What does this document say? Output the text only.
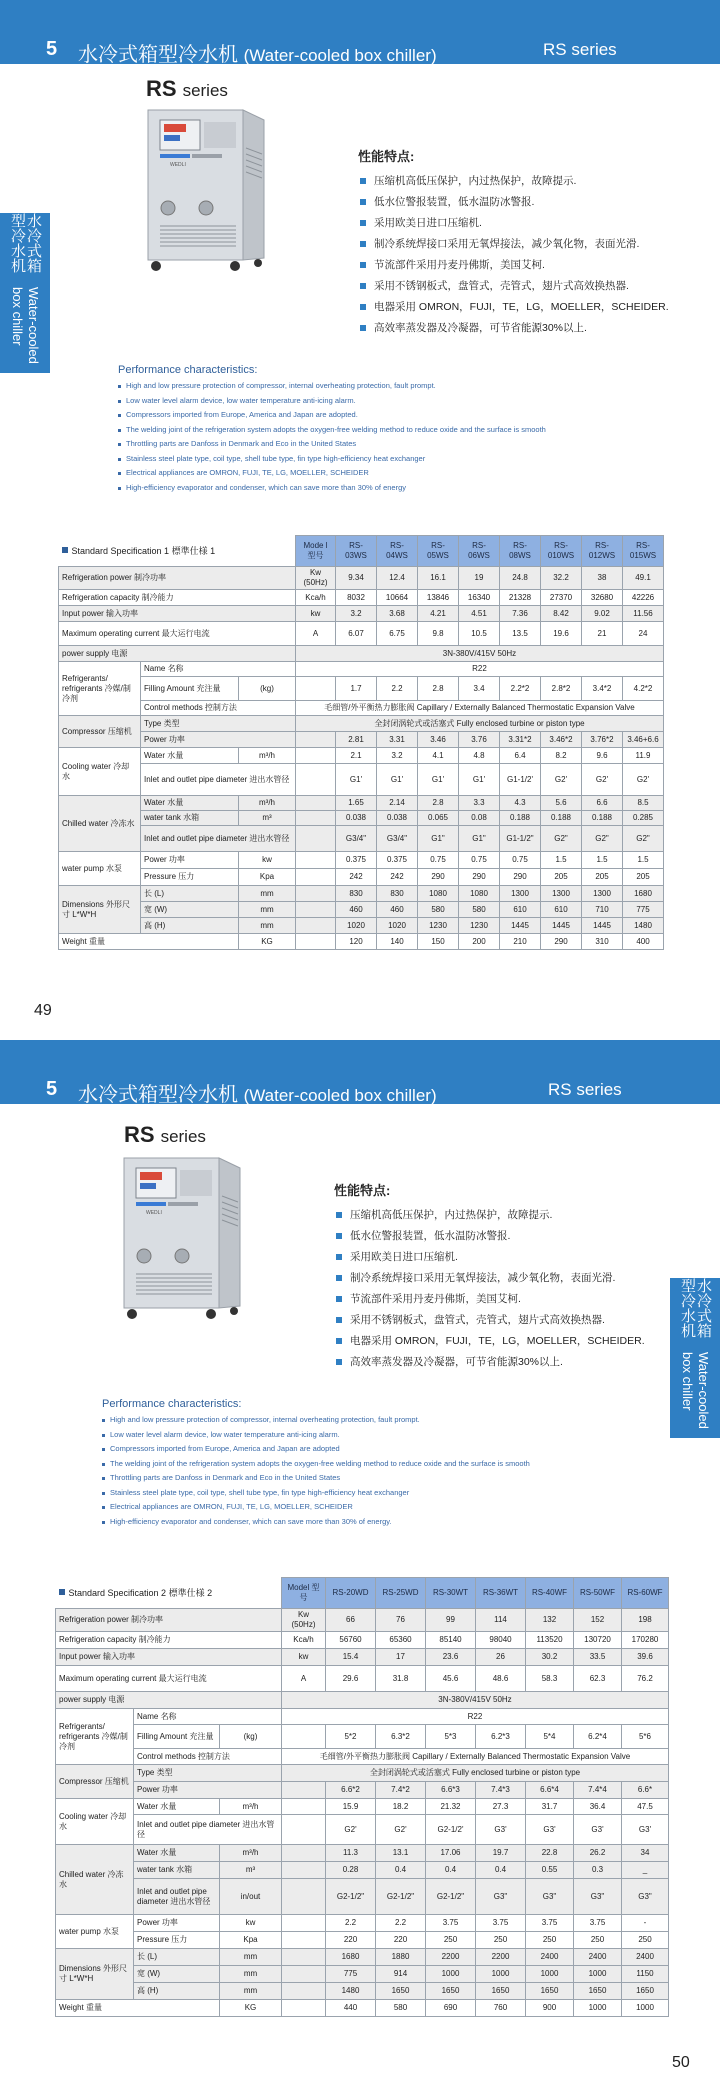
5 水冷式箱型冷水机 (Water-cooled box chiller)	RS series
RS series
水冷式箱型冷水机
Water-cooled box chiller
WEDLI
性能特点:
压缩机高低压保护，内过热保护，故障提示.
低水位警报装置，低水温防冰警报.
采用欧美日进口压缩机.
制冷系统焊接口采用无氧焊接法，减少氧化物，表面光滑.
节流部件采用丹麦丹佛斯，美国艾柯.
采用不锈钢板式，盘管式，壳管式，翅片式高效换热器.
电器采用 OMRON，FUJI，TE，LG，MOELLER，SCHEIDER.
高效率蒸发器及冷凝器，可节省能源30%以上.
Performance characteristics:
High and low pressure protection of compressor, internal overheating protection, fault prompt.
Low water level alarm device, low water temperature anti-icing alarm.
Compressors imported from Europe, America and Japan are adopted.
The welding joint of the refrigeration system adopts the oxygen-free welding method to reduce oxide and the surface is smooth
Throttling parts are Danfoss in Denmark and Eco in the United States
Stainless steel plate type, coil type, shell tube type, fin type high-efficiency heat exchanger
Electrical appliances are OMRON, FUJI, TE, LG, MOELLER, SCHEIDER
High-efficiency evaporator and condenser, which can save more than 30% of energy
Standard Specification 1 標準仕様 1			Mode l 型号	RS-03WS	RS-04WS	RS-05WS	RS-06WS	RS-08WS	RS-010WS	RS-012WS	RS-015WS
Refrigeration power 制冷功率			Kw (50Hz)	9.34	12.4	16.1	19	24.8	32.2	38	49.1
Refrigeration capacity 制冷能力			Kca/h	8032	10664	13846	16340	21328	27370	32680	42226
Input power 输入功率			kw	3.2	3.68	4.21	4.51	7.36	8.42	9.02	11.56
Maximum operating current 最大运行电流			A	6.07	6.75	9.8	10.5	13.5	19.6	21	24
power supply 电源			3N-380V/415V 50Hz								
Refrigerants/ refrigerants 冷媒/制冷剂	Name 名称		R22								
	Filling Amount 充注量	(kg)		1.7	2.2	2.8	3.4	2.2*2	2.8*2	3.4*2	4.2*2
	Control methods 控制方法		毛细管/外平衡热力膨胀阀 Capillary / Externally Balanced Thermostatic Expansion Valve								
Compressor 压缩机	Type 类型		全封闭涡轮式或活塞式 Fully enclosed turbine or piston type								
	Power 功率			2.81	3.31	3.46	3.76	3.31*2	3.46*2	3.76*2	3.46+6.6
Cooling water 冷却水	Water 水量	m³/h		2.1	3.2	4.1	4.8	6.4	8.2	9.6	11.9
	Inlet and outlet pipe diameter 进出水管径			G1'	G1'	G1'	G1'	G1-1/2'	G2'	G2'	G2'
Chilled water 冷冻水	Water 水量	m³/h		1.65	2.14	2.8	3.3	4.3	5.6	6.6	8.5
	water tank 水箱	m³		0.038	0.038	0.065	0.08	0.188	0.188	0.188	0.285
	Inlet and outlet pipe diameter 进出水管径			G3/4"	G3/4"	G1"	G1"	G1-1/2"	G2"	G2"	G2"
water pump 水泵	Power 功率	kw		0.375	0.375	0.75	0.75	0.75	1.5	1.5	1.5
	Pressure 压力	Kpa		242	242	290	290	290	205	205	205
Dimensions 外形尺寸 L*W*H	长 (L)	mm		830	830	1080	1080	1300	1300	1300	1680
	宽 (W)	mm		460	460	580	580	610	610	710	775
	高 (H)	mm		1020	1020	1230	1230	1445	1445	1445	1480
Weight 重量		KG		120	140	150	200	210	290	310	400
49
5 水冷式箱型冷水机 (Water-cooled box chiller)	RS series
RS series
水冷式箱型冷水机
Water-cooled box chiller
WEDLI
性能特点:
压缩机高低压保护，内过热保护，故障提示.
低水位警报装置，低水温防冰警报.
采用欧美日进口压缩机.
制冷系统焊接口采用无氧焊接法，减少氧化物，表面光滑.
节流部件采用丹麦丹佛斯，美国艾柯.
采用不锈钢板式，盘管式，壳管式，翅片式高效换热器.
电器采用 OMRON，FUJI，TE，LG，MOELLER，SCHEIDER.
高效率蒸发器及冷凝器，可节省能源30%以上.
Performance characteristics:
High and low pressure protection of compressor, internal overheating protection, fault prompt.
Low water level alarm device, low water temperature anti-icing alarm.
Compressors imported from Europe, America and Japan are adopted
The welding joint of the refrigeration system adopts the oxygen-free welding method to reduce oxide and the surface is smooth
Throttling parts are Danfoss in Denmark and Eco in the United States
Stainless steel plate type, coil type, shell tube type, fin type high-efficiency heat exchanger
Electrical appliances are OMRON, FUJI, TE, LG, MOELLER, SCHEIDER
High-efficiency evaporator and condenser, which can save more than 30% of energy.
Standard Specification 2 標準仕様 2			Model 型号	RS-20WD	RS-25WD	RS-30WT	RS-36WT	RS-40WF	RS-50WF	RS-60WF
Refrigeration power 制冷功率			Kw (50Hz)	66	76	99	114	132	152	198
Refrigeration capacity 制冷能力			Kca/h	56760	65360	85140	98040	113520	130720	170280
Input power 输入功率			kw	15.4	17	23.6	26	30.2	33.5	39.6
Maximum operating current 最大运行电流			A	29.6	31.8	45.6	48.6	58.3	62.3	76.2
power supply 电源			3N-380V/415V 50Hz							
Refrigerants/ refrigerants 冷媒/制冷剂	Name 名称		R22							
	Filling Amount 充注量	(kg)		5*2	6.3*2	5*3	6.2*3	5*4	6.2*4	5*6
	Control methods 控制方法		毛细管/外平衡热力膨胀阀 Capillary / Externally Balanced Thermostatic Expansion Valve							
Compressor 压缩机	Type 类型		全封闭涡轮式或活塞式 Fully enclosed turbine or piston type							
	Power 功率			6.6*2	7.4*2	6.6*3	7.4*3	6.6*4	7.4*4	6.6*
Cooling water 冷却水	Water 水量	m³/h		15.9	18.2	21.32	27.3	31.7	36.4	47.5
	Inlet and outlet pipe diameter 进出水管径			G2'	G2'	G2-1/2'	G3'	G3'	G3'	G3'
Chilled water 冷冻水	Water 水量	m³/h		11.3	13.1	17.06	19.7	22.8	26.2	34
	water tank 水箱	m³		0.28	0.4	0.4	0.4	0.55	0.3	_
	Inlet and outlet pipe diameter 进出水管径	in/out		G2-1/2"	G2-1/2"	G2-1/2"	G3"	G3"	G3"	G3"
water pump 水泵	Power 功率	kw		2.2	2.2	3.75	3.75	3.75	3.75	-
	Pressure 压力	Kpa		220	220	250	250	250	250	250
Dimensions 外形尺寸 L*W*H	长 (L)	mm		1680	1880	2200	2200	2400	2400	2400
	宽 (W)	mm		775	914	1000	1000	1000	1000	1150
	高 (H)	mm		1480	1650	1650	1650	1650	1650	1650
Weight 重量		KG		440	580	690	760	900	1000	1000
50
